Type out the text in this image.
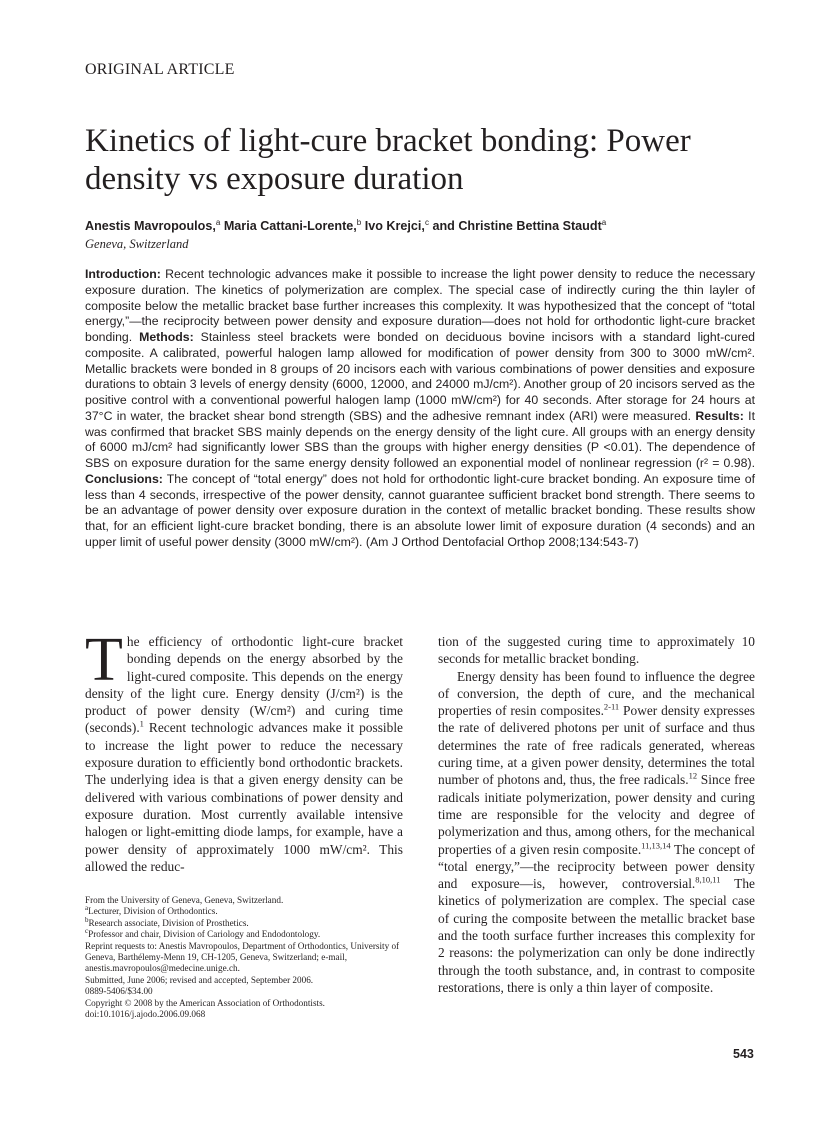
ORIGINAL ARTICLE
Kinetics of light-cure bracket bonding: Power density vs exposure duration
Anestis Mavropoulos,$^a$ Maria Cattani-Lorente,$^b$ Ivo Krejci,$^c$ and Christine Bettina Staudt$^a$
Geneva, Switzerland

Introduction: Recent technologic advances make it possible to increase the light power density to reduce the necessary exposure duration. The kinetics of polymerization are complex. The special case of indirectly curing the thin layler of composite below the metallic bracket base further increases this complexity. It was hypothesized that the concept of “total energy,”—the reciprocity between power density and exposure duration—does not hold for orthodontic light-cure bracket bonding. Methods: Stainless steel brackets were bonded on deciduous bovine incisors with a standard light-cured composite. A calibrated, powerful halogen lamp allowed for modification of power density from 300 to 3000 mW/cm². Metallic brackets were bonded in 8 groups of 20 incisors each with various combinations of power densities and exposure durations to obtain 3 levels of energy density (6000, 12000, and 24000 mJ/cm²). Another group of 20 incisors served as the positive control with a conventional powerful halogen lamp (1000 mW/cm²) for 40 seconds. After storage for 24 hours at 37°C in water, the bracket shear bond strength (SBS) and the adhesive remnant index (ARI) were measured. Results: It was confirmed that bracket SBS mainly depends on the energy density of the light cure. All groups with an energy density of 6000 mJ/cm² had significantly lower SBS than the groups with higher energy densities (P <0.01). The dependence of SBS on exposure duration for the same energy density followed an exponential model of nonlinear regression (r² = 0.98). Conclusions: The concept of “total energy” does not hold for orthodontic light-cure bracket bonding. An exposure time of less than 4 seconds, irrespective of the power density, cannot guarantee sufficient bracket bond strength. There seems to be an advantage of power density over exposure duration in the context of metallic bracket bonding. These results show that, for an efficient light-cure bracket bonding, there is an absolute lower limit of exposure duration (4 seconds) and an upper limit of useful power density (3000 mW/cm²). (Am J Orthod Dentofacial Orthop 2008;134:543-7)

The efficiency of orthodontic light-cure bracket bonding depends on the energy absorbed by the light-cured composite. This depends on the energy density of the light cure. Energy density (J/cm²) is the product of power density (W/cm²) and curing time (seconds).$^1$ Recent technologic advances make it possible to increase the light power to reduce the necessary exposure duration to efficiently bond orthodontic brackets. The underlying idea is that a given energy density can be delivered with various combinations of power density and exposure duration. Most currently available intensive halogen or light-emitting diode lamps, for example, have a power density of approximately 1000 mW/cm². This allowed the reduc-

tion of the suggested curing time to approximately 10 seconds for metallic bracket bonding.

Energy density has been found to influence the degree of conversion, the depth of cure, and the mechanical properties of resin composites.$^{2-11}$ Power density expresses the rate of delivered photons per unit of surface and thus determines the rate of free radicals generated, whereas curing time, at a given power density, determines the total number of photons and, thus, the free radicals.$^{12}$ Since free radicals initiate polymerization, power density and curing time are responsible for the velocity and degree of polymerization and thus, among others, for the mechanical properties of a given resin composite.$^{11,13,14}$ The concept of “total energy,”—the reciprocity between power density and exposure—is, however, controversial.$^{8,10,11}$ The kinetics of polymerization are complex. The special case of curing the composite between the metallic bracket base and the tooth surface further increases this complexity for 2 reasons: the polymerization can only be done indirectly through the tooth substance, and, in contrast to composite restorations, there is only a thin layer of composite.

From the University of Geneva, Geneva, Switzerland.
$^a$Lecturer, Division of Orthodontics.
$^b$Research associate, Division of Prosthetics.
$^c$Professor and chair, Division of Cariology and Endodontology.
Reprint requests to: Anestis Mavropoulos, Department of Orthodontics, University of Geneva, Barthélemy-Menn 19, CH-1205, Geneva, Switzerland; e-mail, anestis.mavropoulos@medecine.unige.ch.
Submitted, June 2006; revised and accepted, September 2006.
0889-5406/$34.00
Copyright © 2008 by the American Association of Orthodontists.
doi:10.1016/j.ajodo.2006.09.068
543
